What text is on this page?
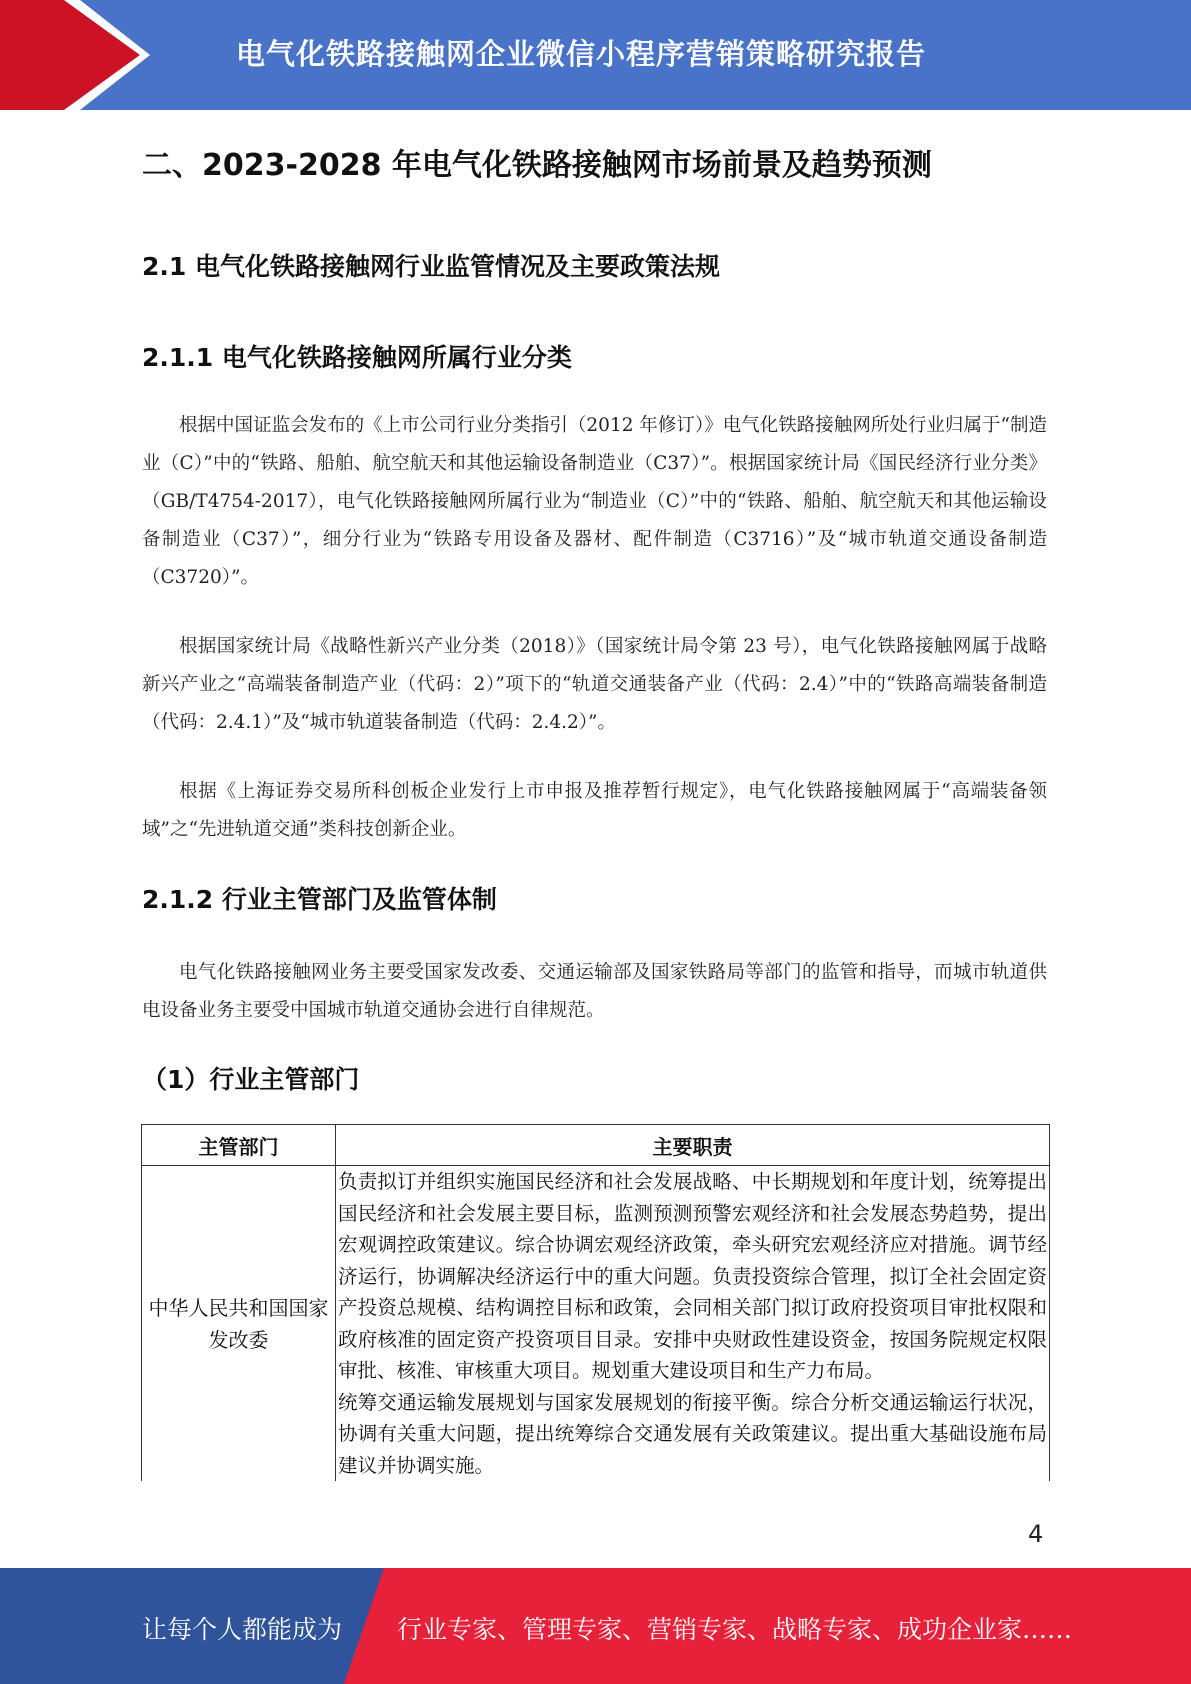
电气化铁路接触网企业微信小程序营销策略研究报告
二、2023-2028 年电气化铁路接触网市场前景及趋势预测
2.1 电气化铁路接触网行业监管情况及主要政策法规
2.1.1 电气化铁路接触网所属行业分类

根据中国证监会发布的《上市公司行业分类指引（2012 年修订）》电气化铁路接触网所处行业归属于“制造业（C）”中的“铁路、船舶、航空航天和其他运输设备制造业（C37）”。根据国家统计局《国民经济行业分类》（GB/T4754-2017），电气化铁路接触网所属行业为“制造业（C）”中的“铁路、船舶、航空航天和其他运输设备制造业（C37）”，细分行业为“铁路专用设备及器材、配件制造（C3716）”及“城市轨道交通设备制造（C3720）”。

根据国家统计局《战略性新兴产业分类（2018）》（国家统计局令第 23 号），电气化铁路接触网属于战略新兴产业之“高端装备制造产业（代码：2）”项下的“轨道交通装备产业（代码：2.4）”中的“铁路高端装备制造（代码：2.4.1）”及“城市轨道装备制造（代码：2.4.2）”。

根据《上海证券交易所科创板企业发行上市申报及推荐暂行规定》，电气化铁路接触网属于“高端装备领域”之“先进轨道交通”类科技创新企业。

2.1.2 行业主管部门及监管体制

电气化铁路接触网业务主要受国家发改委、交通运输部及国家铁路局等部门的监管和指导，而城市轨道供电设备业务主要受中国城市轨道交通协会进行自律规范。

（1）行业主管部门
主管部门	主要职责
中华人民共和国国家发改委	负责拟订并组织实施国民经济和社会发展战略、中长期规划和年度计划，统筹提出国民经济和社会发展主要目标，监测预测预警宏观经济和社会发展态势趋势，提出宏观调控政策建议。综合协调宏观经济政策，牵头研究宏观经济应对措施。调节经济运行，协调解决经济运行中的重大问题。负责投资综合管理，拟订全社会固定资产投资总规模、结构调控目标和政策，会同相关部门拟订政府投资项目审批权限和政府核准的固定资产投资项目目录。安排中央财政性建设资金，按国务院规定权限审批、核准、审核重大项目。规划重大建设项目和生产力布局。

统筹交通运输发展规划与国家发展规划的衔接平衡。综合分析交通运输运行状况，协调有关重大问题，提出统筹综合交通发展有关政策建议。提出重大基础设施布局建议并协调实施。

4
让每个人都能成为 行业专家、管理专家、营销专家、战略专家、成功企业家……
